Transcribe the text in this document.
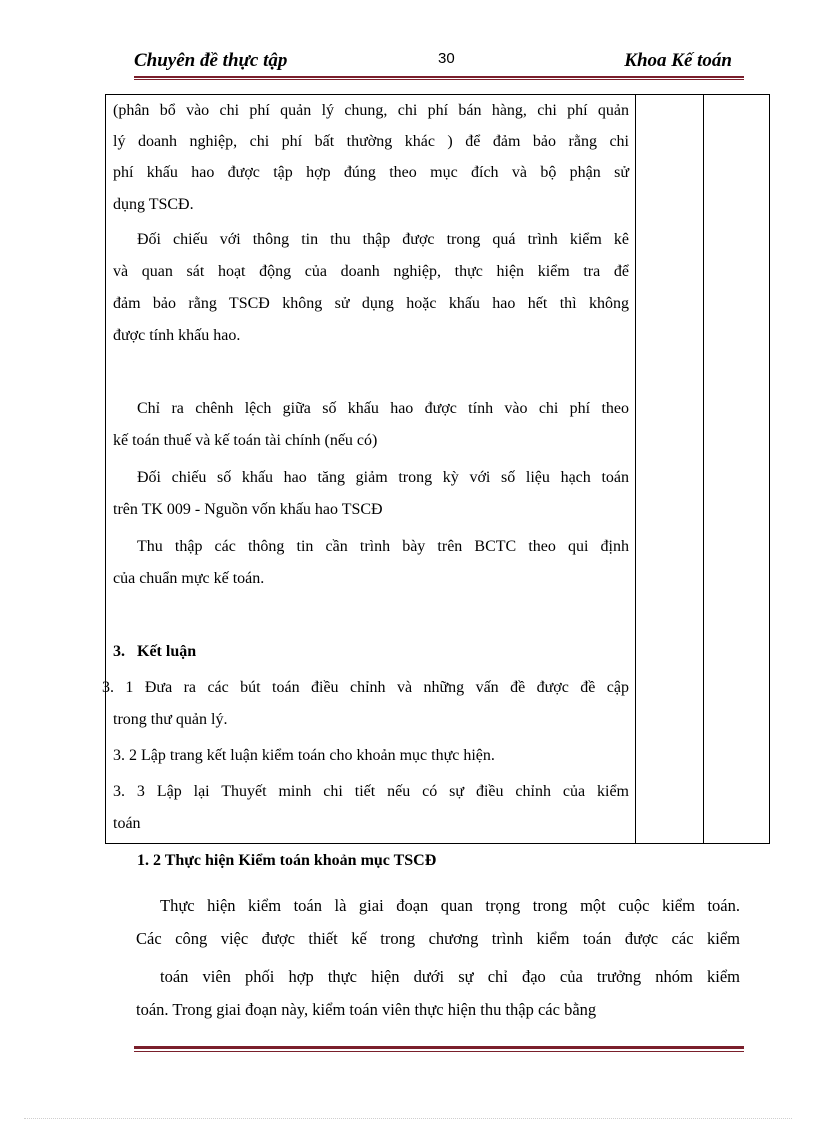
Chuyên đề thực tập	30	Khoa Kế toán

(phân bổ vào chi phí quản lý chung, chi phí bán hàng, chi phí quản

lý doanh nghiệp, chi phí bất thường khác ) để đảm bảo rằng chi

phí khấu hao được tập hợp đúng theo mục đích và bộ phận sử

dụng TSCĐ.

Đối chiếu với thông tin thu thập được trong quá trình kiểm kê

và quan sát hoạt động của doanh nghiệp, thực hiện kiểm tra để

đảm bảo rằng TSCĐ không sử dụng hoặc khấu hao hết thì không

được tính khấu hao.

Chỉ ra chênh lệch giữa số khấu hao được tính vào chi phí theo

kế toán thuế và kế toán tài chính (nếu có)

Đối chiếu số khấu hao tăng giảm trong kỳ với số liệu hạch toán

trên TK 009 - Nguồn vốn khấu hao TSCĐ

Thu thập các thông tin cần trình bày trên BCTC theo qui định

của chuẩn mực kế toán.

3.   Kết luận

3. 1 Đưa ra các bút toán điều chỉnh và những vấn đề được đề cập

trong thư quản lý.

3. 2 Lập trang kết luận kiểm toán cho khoản mục thực hiện.

3. 3 Lập lại Thuyết minh chi tiết nếu có sự điều chỉnh của kiểm

toán

1. 2 Thực hiện Kiểm toán khoản mục TSCĐ

Thực hiện kiểm toán là giai đoạn quan trọng trong một cuộc kiểm toán.

Các công việc được thiết kế trong chương trình kiểm toán được các kiểm

toán viên phối hợp thực hiện dưới sự chỉ đạo của trưởng nhóm kiểm

toán. Trong giai đoạn này, kiểm toán viên thực hiện thu thập các bằng
